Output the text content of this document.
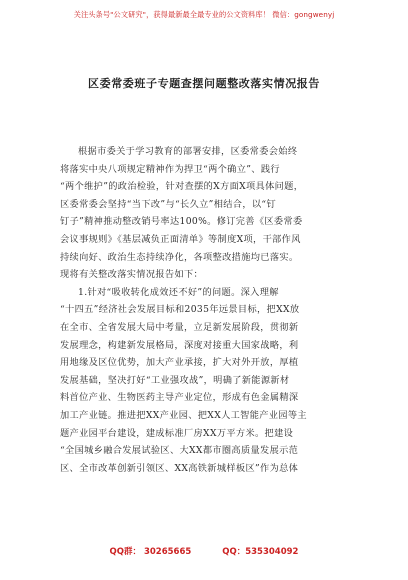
关注头条号"公文研究"，获得最新最全最专业的公文资料库！ 微信：gongwenyj
区委常委班子专题查摆问题整改落实情况报告

根据市委关于学习教育的部署安排，区委常委会始终
将落实中央八项规定精神作为捍卫“两个确立”、践行
“两个维护”的政治检验，针对查摆的X方面X项具体问题，
区委常委会坚持“当下改”与“长久立”相结合，以“钉
钉子”精神推动整改销号率达100%。修订完善《区委常委
会议事规则》《基层减负正面清单》等制度X项，干部作风
持续向好、政治生态持续净化，各项整改措施均已落实。
现将有关整改落实情况报告如下：

1.针对“吸收转化成效还不好”的问题。深入理解
“十四五”经济社会发展目标和2035年远景目标，把XX放
在全市、全省发展大局中考量，立足新发展阶段，贯彻新
发展理念，构建新发展格局，深度对接重大国家战略，利
用地缘及区位优势，加大产业承接，扩大对外开放，厚植
发展基础，坚决打好“工业强攻战”，明确了新能源新材
料首位产业、生物医药主导产业定位，形成有色金属精深
加工产业链。推进把XX产业园、把XX人工智能产业园等主
题产业园平台建设，建成标准厂房XX万平方米。把建设
“全国城乡融合发展试验区、大XX都市圈高质量发展示范
区、全市改革创新引领区、XX高铁新城样板区”作为总体

QQ群： 30265665	QQ：535304092
